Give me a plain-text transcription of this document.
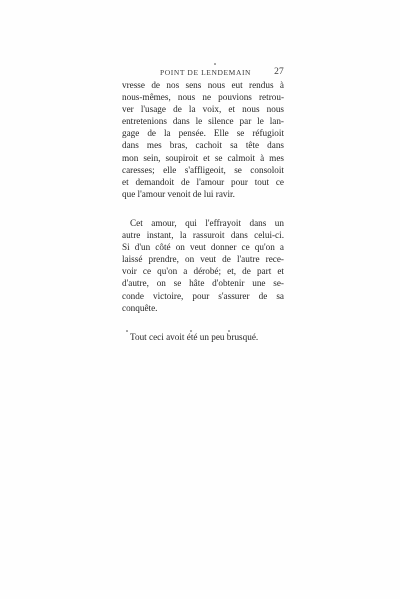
POINT DE LENDEMAIN 27
vresse de nos sens nous eut rendus à
nous-mêmes, nous ne pouvions retrou-
ver l'usage de la voix, et nous nous
entretenions dans le silence par le lan-
gage de la pensée. Elle se réfugioit
dans mes bras, cachoit sa tête dans
mon sein, soupiroit et se calmoit à mes
caresses; elle s'affligeoit, se consoloit
et demandoit de l'amour pour tout ce
que l'amour venoit de lui ravir.
Cet amour, qui l'effrayoit dans un
autre instant, la rassuroit dans celui-ci.
Si d'un côté on veut donner ce qu'on a
laissé prendre, on veut de l'autre rece-
voir ce qu'on a dérobé; et, de part et
d'autre, on se hâte d'obtenir une se-
conde victoire, pour s'assurer de sa
conquête.
Tout ceci avoit été un peu brusqué.
